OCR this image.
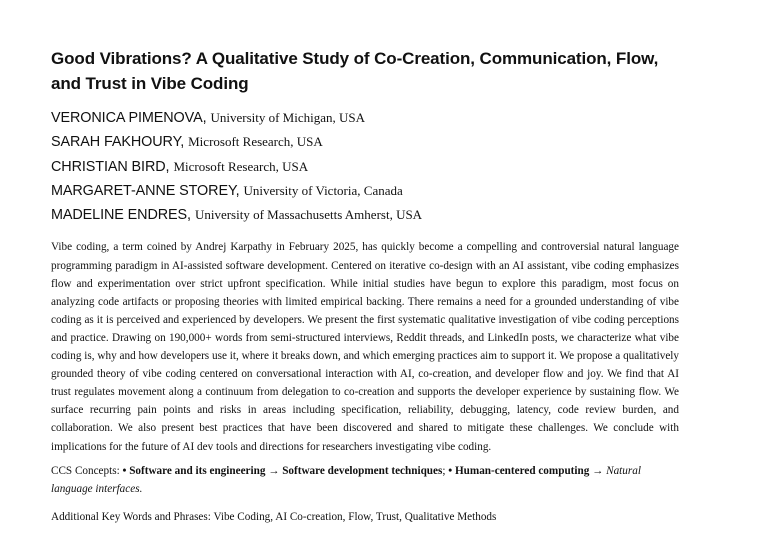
Good Vibrations? A Qualitative Study of Co-Creation, Communication, Flow, and Trust in Vibe Coding
VERONICA PIMENOVA, University of Michigan, USA
SARAH FAKHOURY, Microsoft Research, USA
CHRISTIAN BIRD, Microsoft Research, USA
MARGARET-ANNE STOREY, University of Victoria, Canada
MADELINE ENDRES, University of Massachusetts Amherst, USA

Vibe coding, a term coined by Andrej Karpathy in February 2025, has quickly become a compelling and controversial natural language programming paradigm in AI-assisted software development. Centered on iterative co-design with an AI assistant, vibe coding emphasizes flow and experimentation over strict upfront specification. While initial studies have begun to explore this paradigm, most focus on analyzing code artifacts or proposing theories with limited empirical backing. There remains a need for a grounded understanding of vibe coding as it is perceived and experienced by developers. We present the first systematic qualitative investigation of vibe coding perceptions and practice. Drawing on 190,000+ words from semi-structured interviews, Reddit threads, and LinkedIn posts, we characterize what vibe coding is, why and how developers use it, where it breaks down, and which emerging practices aim to support it. We propose a qualitatively grounded theory of vibe coding centered on conversational interaction with AI, co-creation, and developer flow and joy. We find that AI trust regulates movement along a continuum from delegation to co-creation and supports the developer experience by sustaining flow. We surface recurring pain points and risks in areas including specification, reliability, debugging, latency, code review burden, and collaboration. We also present best practices that have been discovered and shared to mitigate these challenges. We conclude with implications for the future of AI dev tools and directions for researchers investigating vibe coding.

CCS Concepts: • Software and its engineering → Software development techniques; • Human-centered computing → Natural language interfaces.
Additional Key Words and Phrases: Vibe Coding, AI Co-creation, Flow, Trust, Qualitative Methods
